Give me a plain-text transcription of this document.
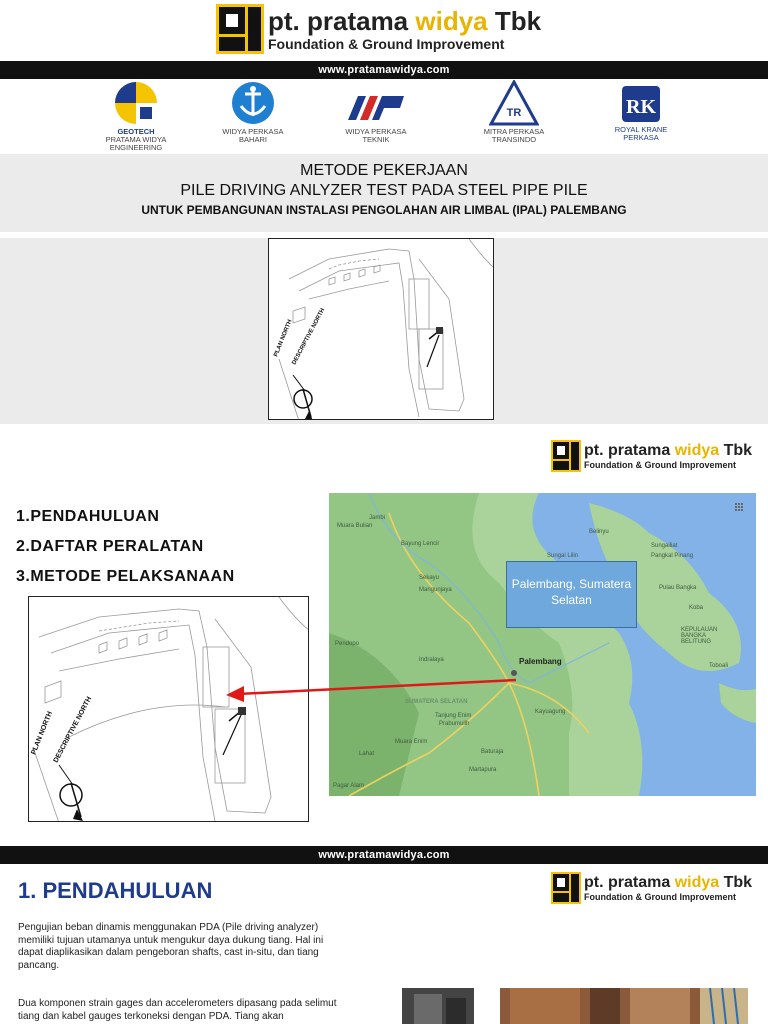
pt. pratama widya Tbk
Foundation & Ground Improvement
www.pratamawidya.com
GEOTECH
PRATAMA WIDYA
ENGINEERING
WIDYA PERKASA
BAHARI
WIDYA PERKASA
TEKNIK
TR
MITRA PERKASA
TRANSINDO
RK
ROYAL KRANE
PERKASA
METODE PEKERJAAN
PILE DRIVING ANLYZER TEST PADA STEEL PIPE PILE
UNTUK PEMBANGUNAN INSTALASI PENGOLAHAN AIR LIMBAL (IPAL) PALEMBANG
PLAN NORTH
DESCRIPTIVE NORTH
pt. pratama widya Tbk
Foundation & Ground Improvement
1.PENDAHULUAN
2.DAFTAR PERALATAN
3.METODE PELAKSANAAN
PLAN NORTH
DESCRIPTIVE NORTH
Jambi
Muara Bulian
Sekayu
Sungai Lilin
Mangunjaya
Bayung Lencir
Pangkal Pinang
Belinyu
Sungailiat
Koba
Toboali
Pulau Bangka
KEPULAUAN BANGKA BELITUNG
Kayuagung
Indralaya
Prabumulih
SUMATERA SELATAN
Muara Enim
Lahat	Baturaja
Martapura
Pagar Alam
Tanjung Enim
Pendopo
Palembang
Palembang, Sumatera Selatan
www.pratamawidya.com
1. PENDAHULUAN	pt. pratama widya Tbk
Foundation & Ground Improvement

Pengujian beban dinamis menggunakan PDA (Pile driving analyzer) memiliki tujuan utamanya untuk mengukur daya dukung tiang. Hal ini dapat diaplikasikan dalam pengeboran shafts, cast in-situ, dan tiang pancang.

Dua komponen strain gages dan accelerometers dipasang pada selimut tiang dan kabel gauges terkoneksi dengan PDA. Tiang akan
